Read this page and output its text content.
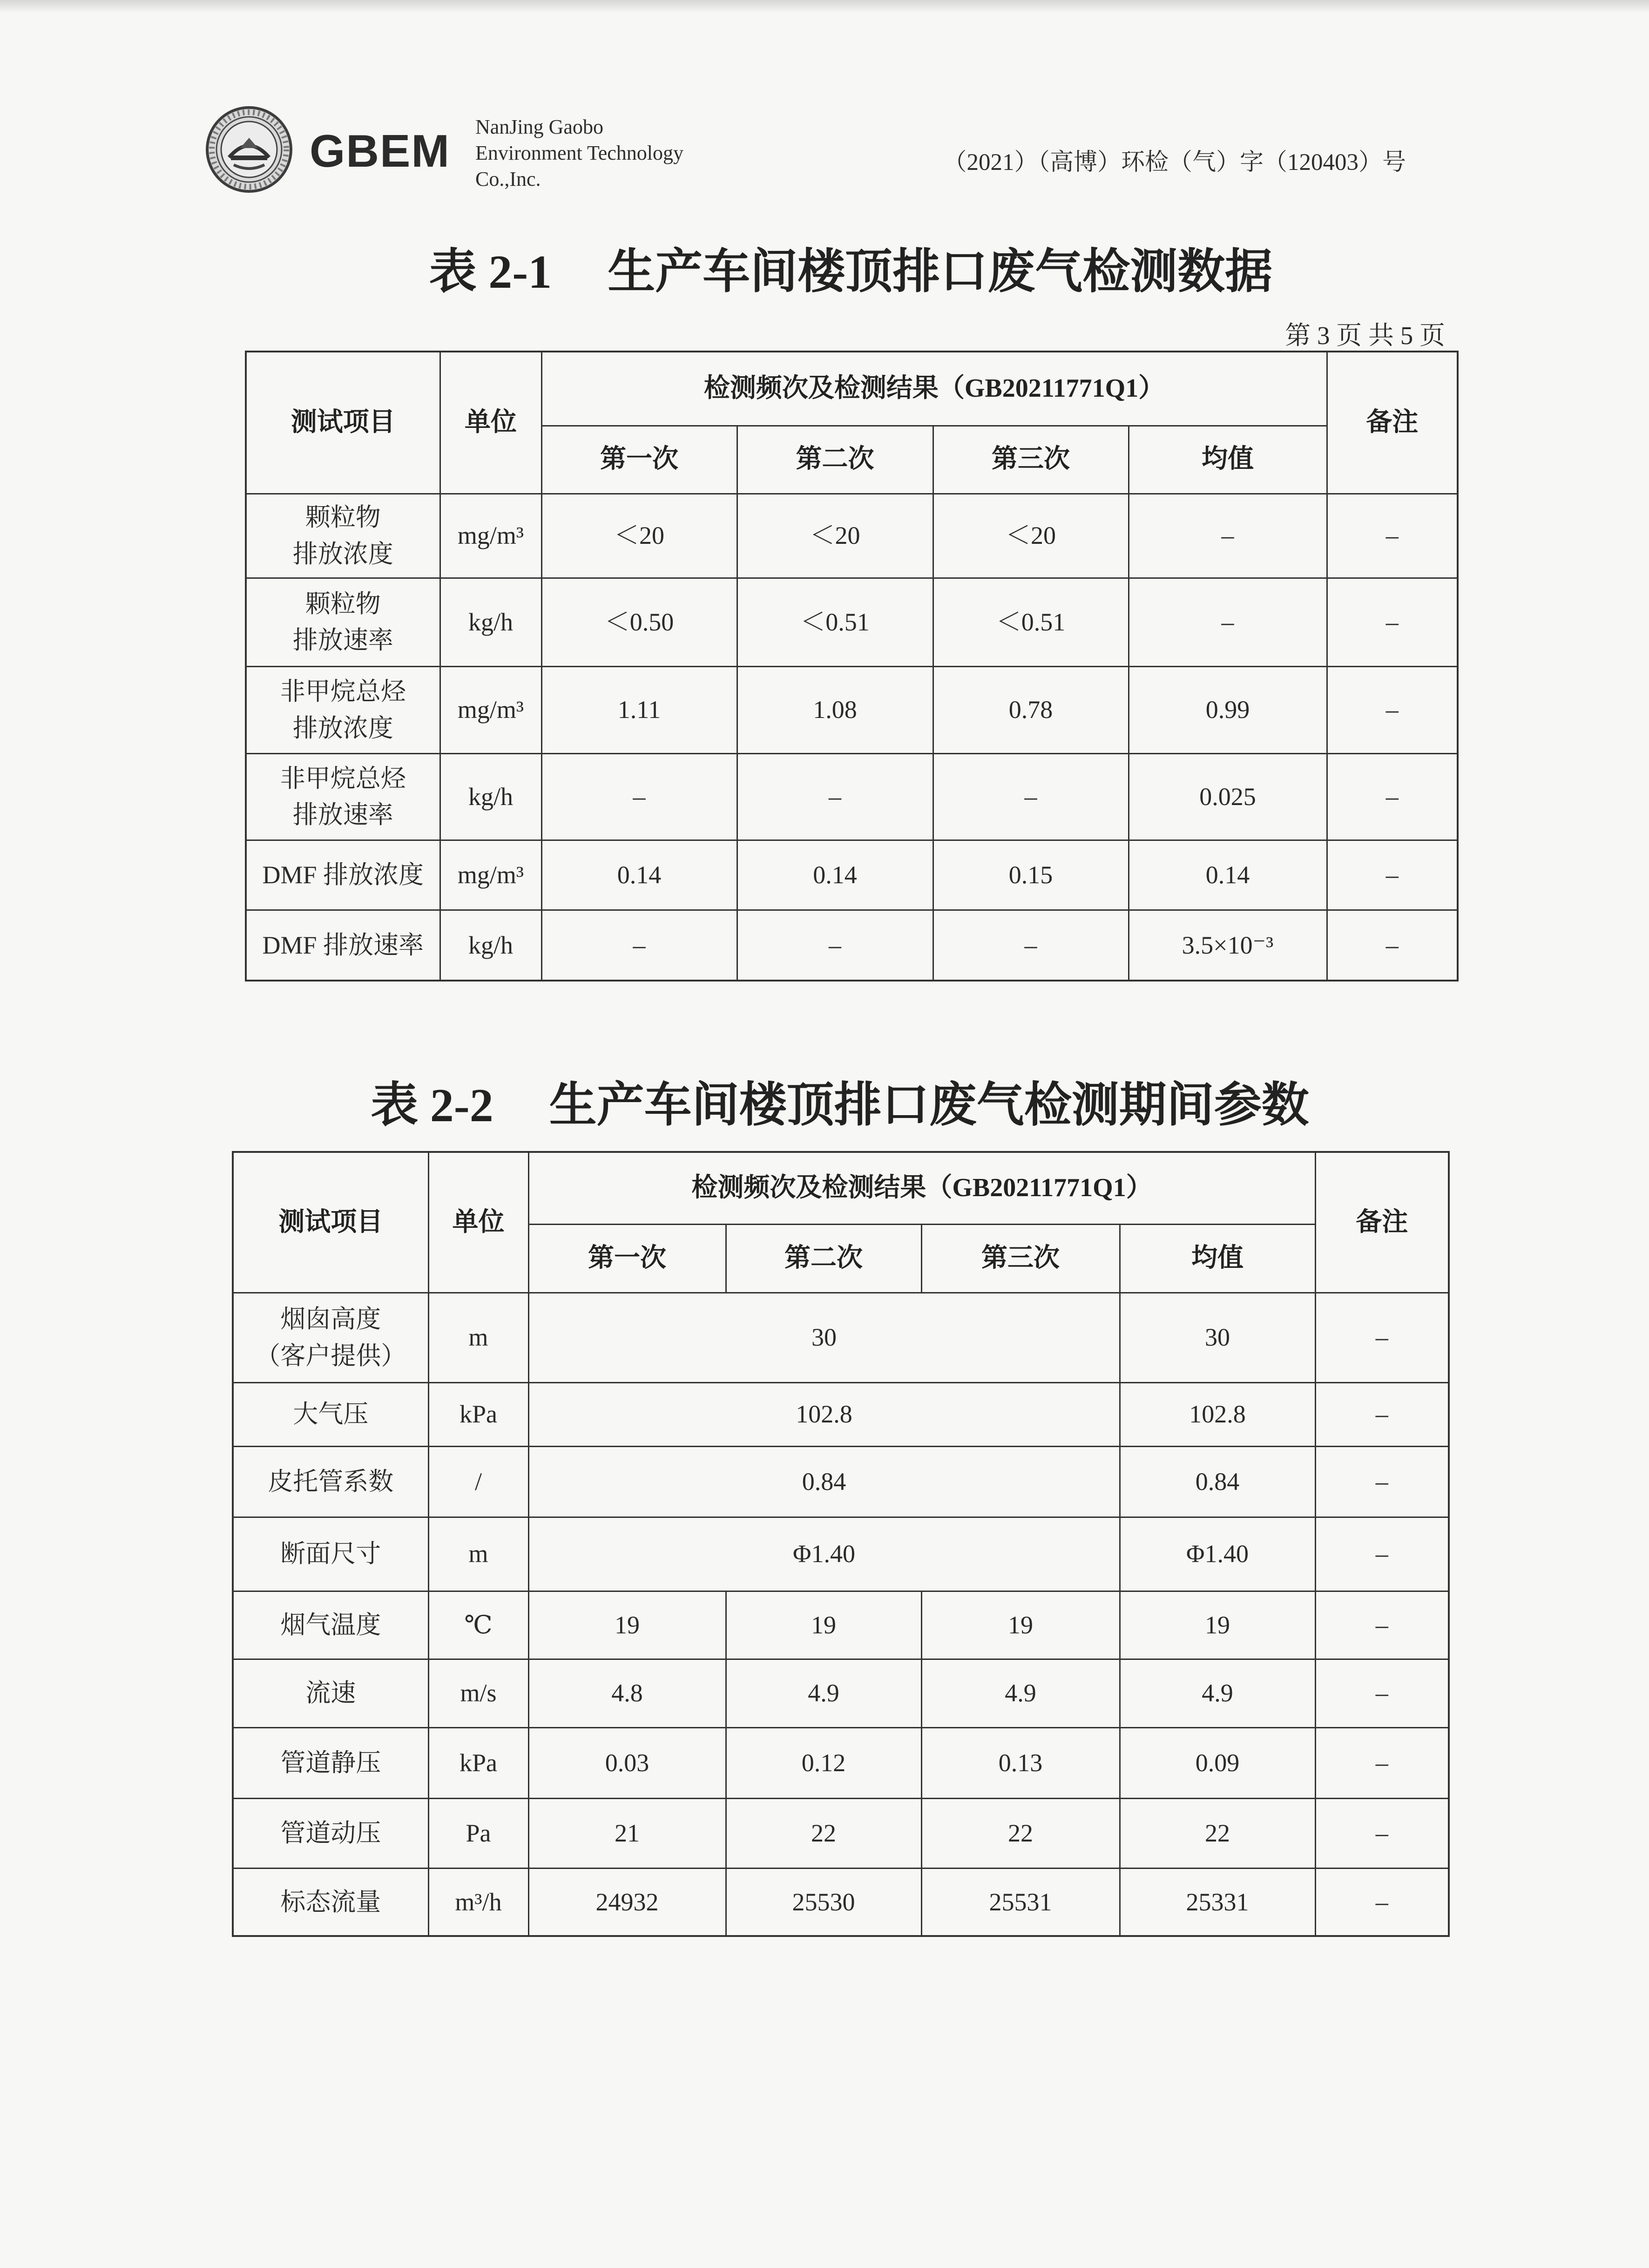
GBEM NanJing Gaobo
Environment Technology
Co.,Inc.
（2021）（高博）环检（气）字（120403）号
表 2-1 生产车间楼顶排口废气检测数据
第 3 页 共 5 页
测试项目	单位	检测频次及检测结果（GB20211771Q1）				备注
		第一次	第二次	第三次	均值	
颗粒物
排放浓度	mg/m³	＜20	＜20	＜20	–	–
颗粒物
排放速率	kg/h	＜0.50	＜0.51	＜0.51	–	–
非甲烷总烃
排放浓度	mg/m³	1.11	1.08	0.78	0.99	–
非甲烷总烃
排放速率	kg/h	–	–	–	0.025	–
DMF 排放浓度	mg/m³	0.14	0.14	0.15	0.14	–
DMF 排放速率	kg/h	–	–	–	3.5×10⁻³	–
表 2-2 生产车间楼顶排口废气检测期间参数
测试项目	单位	检测频次及检测结果（GB20211771Q1）				备注
		第一次	第二次	第三次	均值	
烟囱高度
（客户提供）	m	30			30	–
大气压	kPa	102.8			102.8	–
皮托管系数	/	0.84			0.84	–
断面尺寸	m	Φ1.40			Φ1.40	–
烟气温度	℃	19	19	19	19	–
流速	m/s	4.8	4.9	4.9	4.9	–
管道静压	kPa	0.03	0.12	0.13	0.09	–
管道动压	Pa	21	22	22	22	–
标态流量	m³/h	24932	25530	25531	25331	–
